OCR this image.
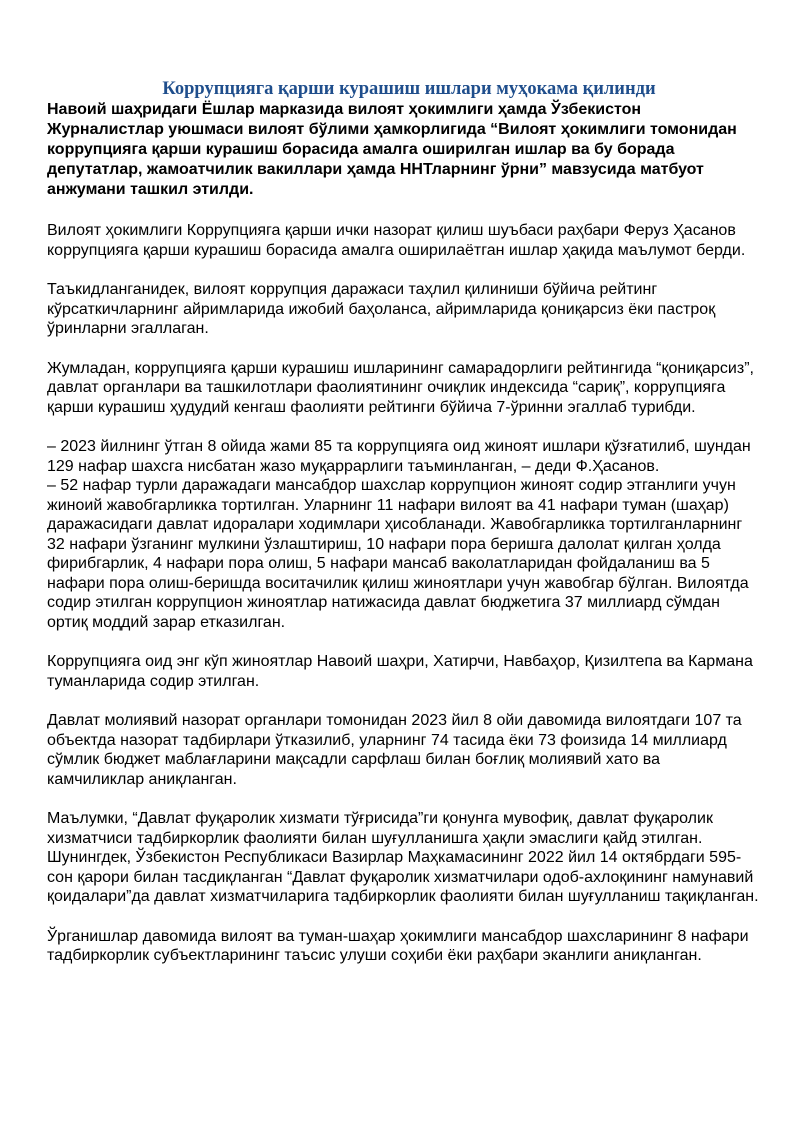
Коррупцияга қарши курашиш ишлари муҳокама қилинди

Навоий шаҳридаги Ёшлар марказида вилоят ҳокимлиги ҳамда Ўзбекистон Журналистлар уюшмаси вилоят бўлими ҳамкорлигида “Вилоят ҳокимлиги томонидан коррупцияга қарши курашиш борасида амалга оширилган ишлар ва бу борада депутатлар, жамоатчилик вакиллари ҳамда ННТларнинг ўрни” мавзусида матбуот анжумани ташкил этилди.

Вилоят ҳокимлиги Коррупцияга қарши ички назорат қилиш шуъбаси раҳбари Феруз Ҳасанов коррупцияга қарши курашиш борасида амалга оширилаётган ишлар ҳақида маълумот берди.

Таъкидланганидек, вилоят коррупция даражаси таҳлил қилиниши бўйича рейтинг кўрсаткичларнинг айримларида ижобий баҳоланса, айримларида қониқарсиз ёки пастроқ ўринларни эгаллаган.

Жумладан, коррупцияга қарши курашиш ишларининг самарадорлиги рейтингида “қониқарсиз”, давлат органлари ва ташкилотлари фаолиятининг очиқлик индексида “сариқ”, коррупцияга қарши курашиш ҳудудий кенгаш фаолияти рейтинги бўйича 7-ўринни эгаллаб турибди.

– 2023 йилнинг ўтган 8 ойида жами 85 та коррупцияга оид жиноят ишлари қўзғатилиб, шундан 129 нафар шахсга нисбатан жазо муқаррарлиги таъминланган, – деди Ф.Ҳасанов.
– 52 нафар турли даражадаги мансабдор шахслар коррупцион жиноят содир этганлиги учун жиноий жавобгарликка тортилган. Уларнинг 11 нафари вилоят ва 41 нафари туман (шаҳар) даражасидаги давлат идоралари ходимлари ҳисобланади. Жавобгарликка тортилганларнинг 32 нафари ўзганинг мулкини ўзлаштириш, 10 нафари пора беришга далолат қилган ҳолда фирибгарлик, 4 нафари пора олиш, 5 нафари мансаб ваколатларидан фойдаланиш ва 5 нафари пора олиш-беришда воситачилик қилиш жиноятлари учун жавобгар бўлган. Вилоятда содир этилган коррупцион жиноятлар натижасида давлат бюджетига 37 миллиард сўмдан ортиқ моддий зарар етказилган.

Коррупцияга оид энг кўп жиноятлар Навоий шаҳри, Хатирчи, Навбаҳор, Қизилтепа ва Кармана туманларида содир этилган.

Давлат молиявий назорат органлари томонидан 2023 йил 8 ойи давомида вилоятдаги 107 та объектда назорат тадбирлари ўтказилиб, уларнинг 74 тасида ёки 73 фоизида 14 миллиард сўмлик бюджет маблағларини мақсадли сарфлаш билан боғлиқ молиявий хато ва камчиликлар аниқланган.

Маълумки, “Давлат фуқаролик хизмати тўғрисида”ги қонунга мувофиқ, давлат фуқаролик хизматчиси тадбиркорлик фаолияти билан шуғулланишга ҳақли эмаслиги қайд этилган. Шунингдек, Ўзбекистон Республикаси Вазирлар Маҳкамасининг 2022 йил 14 октябрдаги 595-сон қарори билан тасдиқланган “Давлат фуқаролик хизматчилари одоб-ахлоқининг намунавий қоидалари”да давлат хизматчиларига тадбиркорлик фаолияти билан шуғулланиш тақиқланган.

Ўрганишлар давомида вилоят ва туман-шаҳар ҳокимлиги мансабдор шахсларининг 8 нафари тадбиркорлик субъектларининг таъсис улуши соҳиби ёки раҳбари эканлиги аниқланган.
